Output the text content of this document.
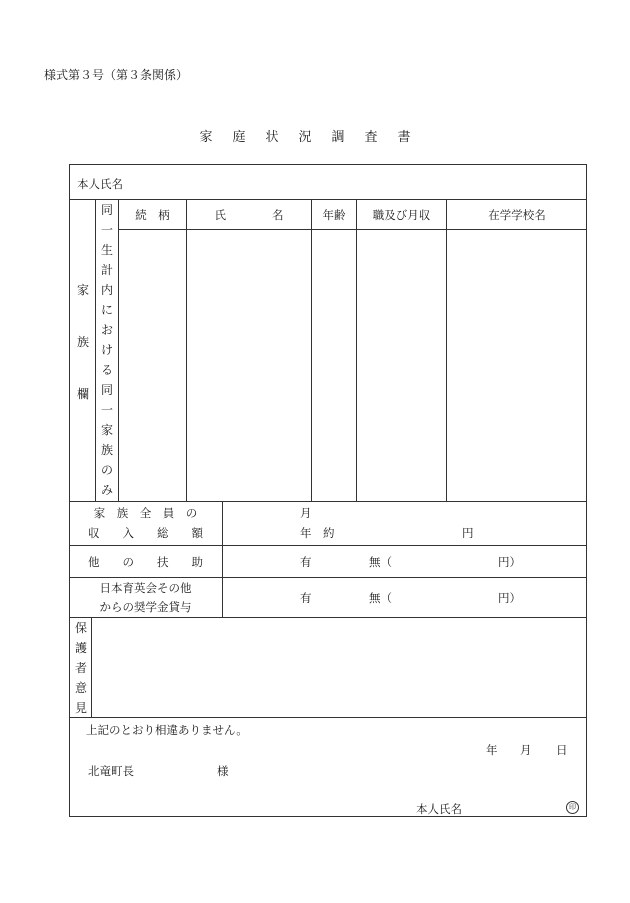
様式第３号（第３条関係）
家庭状況調査書
本人氏名
家
族
欄
同
一
生
計
内
に
お
け
る
同
一
家
族
の
み
続　柄	氏　　　　名	年齢	職及び月収	在学学校名
家　族　全　員　の
収　　入　　総　　額
月
年　約	円
他　　の　　扶　　助	有	無（	円）
日本育英会その他
からの奨学金貸与
有	無（	円）
保
護
者
意
見
上記のとおり相違ありません。
年 月 日
北竜町長	様
本人氏名	印
